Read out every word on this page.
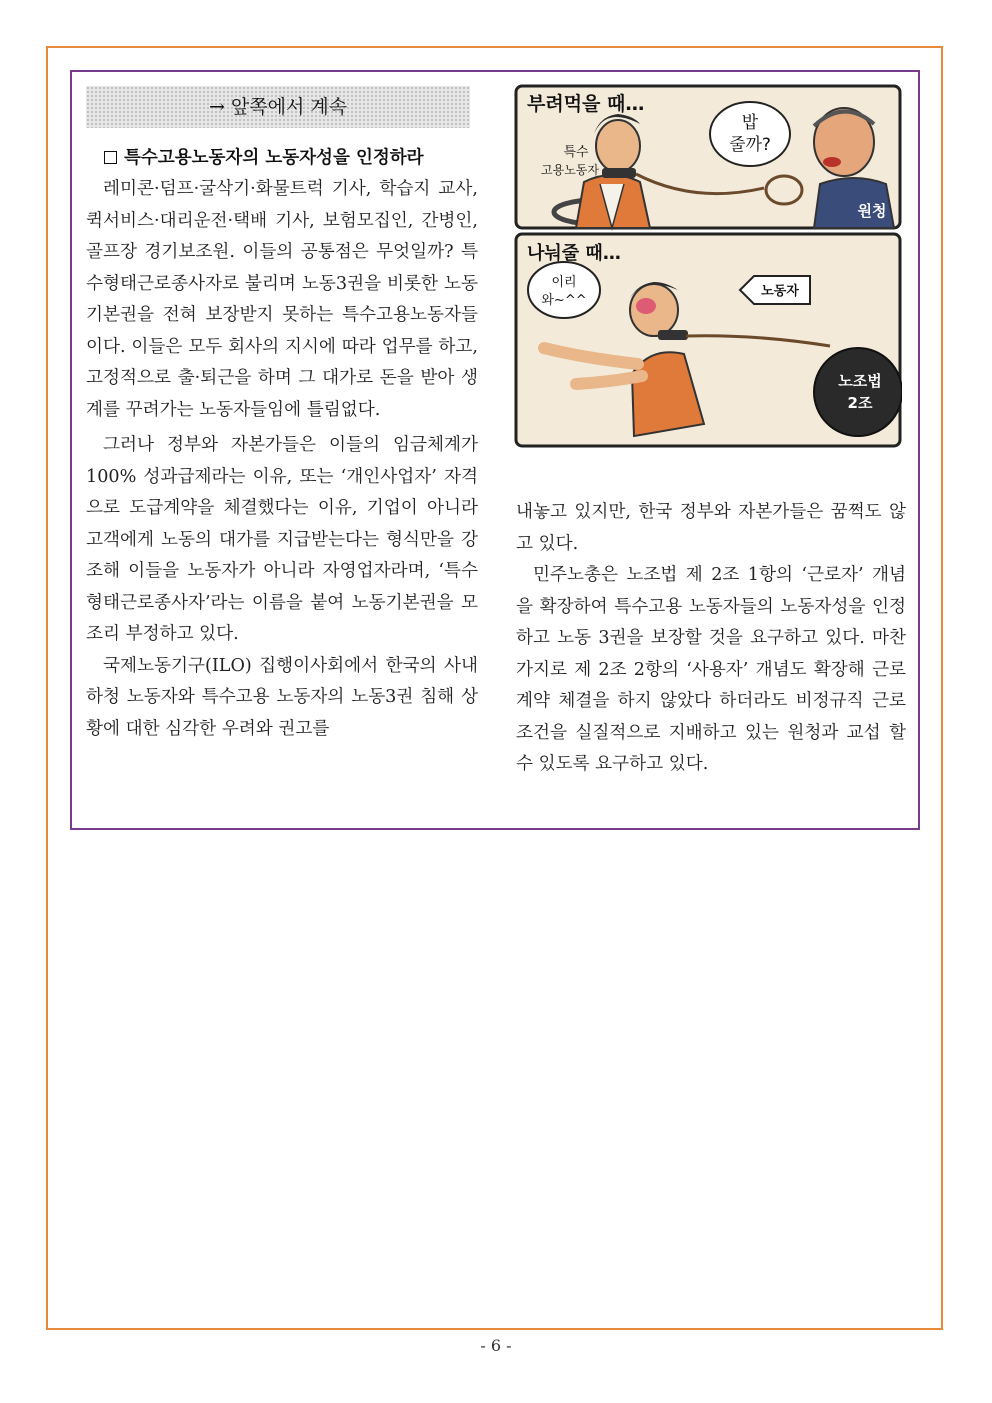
→ 앞쪽에서 계속
특수고용노동자의 노동자성을 인정하라

레미콘·덤프·굴삭기·화물트럭 기사, 학습지 교사, 퀵서비스·대리운전·택배 기사, 보험모집인, 간병인, 골프장 경기보조원. 이들의 공통점은 무엇일까? 특수형태근로종사자로 불리며 노동3권을 비롯한 노동기본권을 전혀 보장받지 못하는 특수고용노동자들이다. 이들은 모두 회사의 지시에 따라 업무를 하고, 고정적으로 출·퇴근을 하며 그 대가로 돈을 받아 생계를 꾸려가는 노동자들임에 틀림없다.

그러나 정부와 자본가들은 이들의 임금체계가 100% 성과급제라는 이유, 또는 ‘개인사업자’ 자격으로 도급계약을 체결했다는 이유, 기업이 아니라 고객에게 노동의 대가를 지급받는다는 형식만을 강조해 이들을 노동자가 아니라 자영업자라며, ‘특수형태근로종사자’라는 이름을 붙여 노동기본권을 모조리 부정하고 있다.

국제노동기구(ILO) 집행이사회에서 한국의 사내하청 노동자와 특수고용 노동자의 노동3권 침해 상황에 대한 심각한 우려와 권고를

내놓고 있지만, 한국 정부와 자본가들은 꿈쩍도 않고 있다.

민주노총은 노조법 제 2조 1항의 ‘근로자’ 개념을 확장하여 특수고용 노동자들의 노동자성을 인정하고 노동 3권을 보장할 것을 요구하고 있다. 마찬가지로 제 2조 2항의 ‘사용자’ 개념도 확장해 근로계약 체결을 하지 않았다 하더라도 비정규직 근로조건을 실질적으로 지배하고 있는 원청과 교섭 할 수 있도록 요구하고 있다.

부려먹을 때…
밥
줄까?
특수
고용노동자
원청
나눠줄 때…
이리
와~^^
노동자
노조법
2조
- 6 -
